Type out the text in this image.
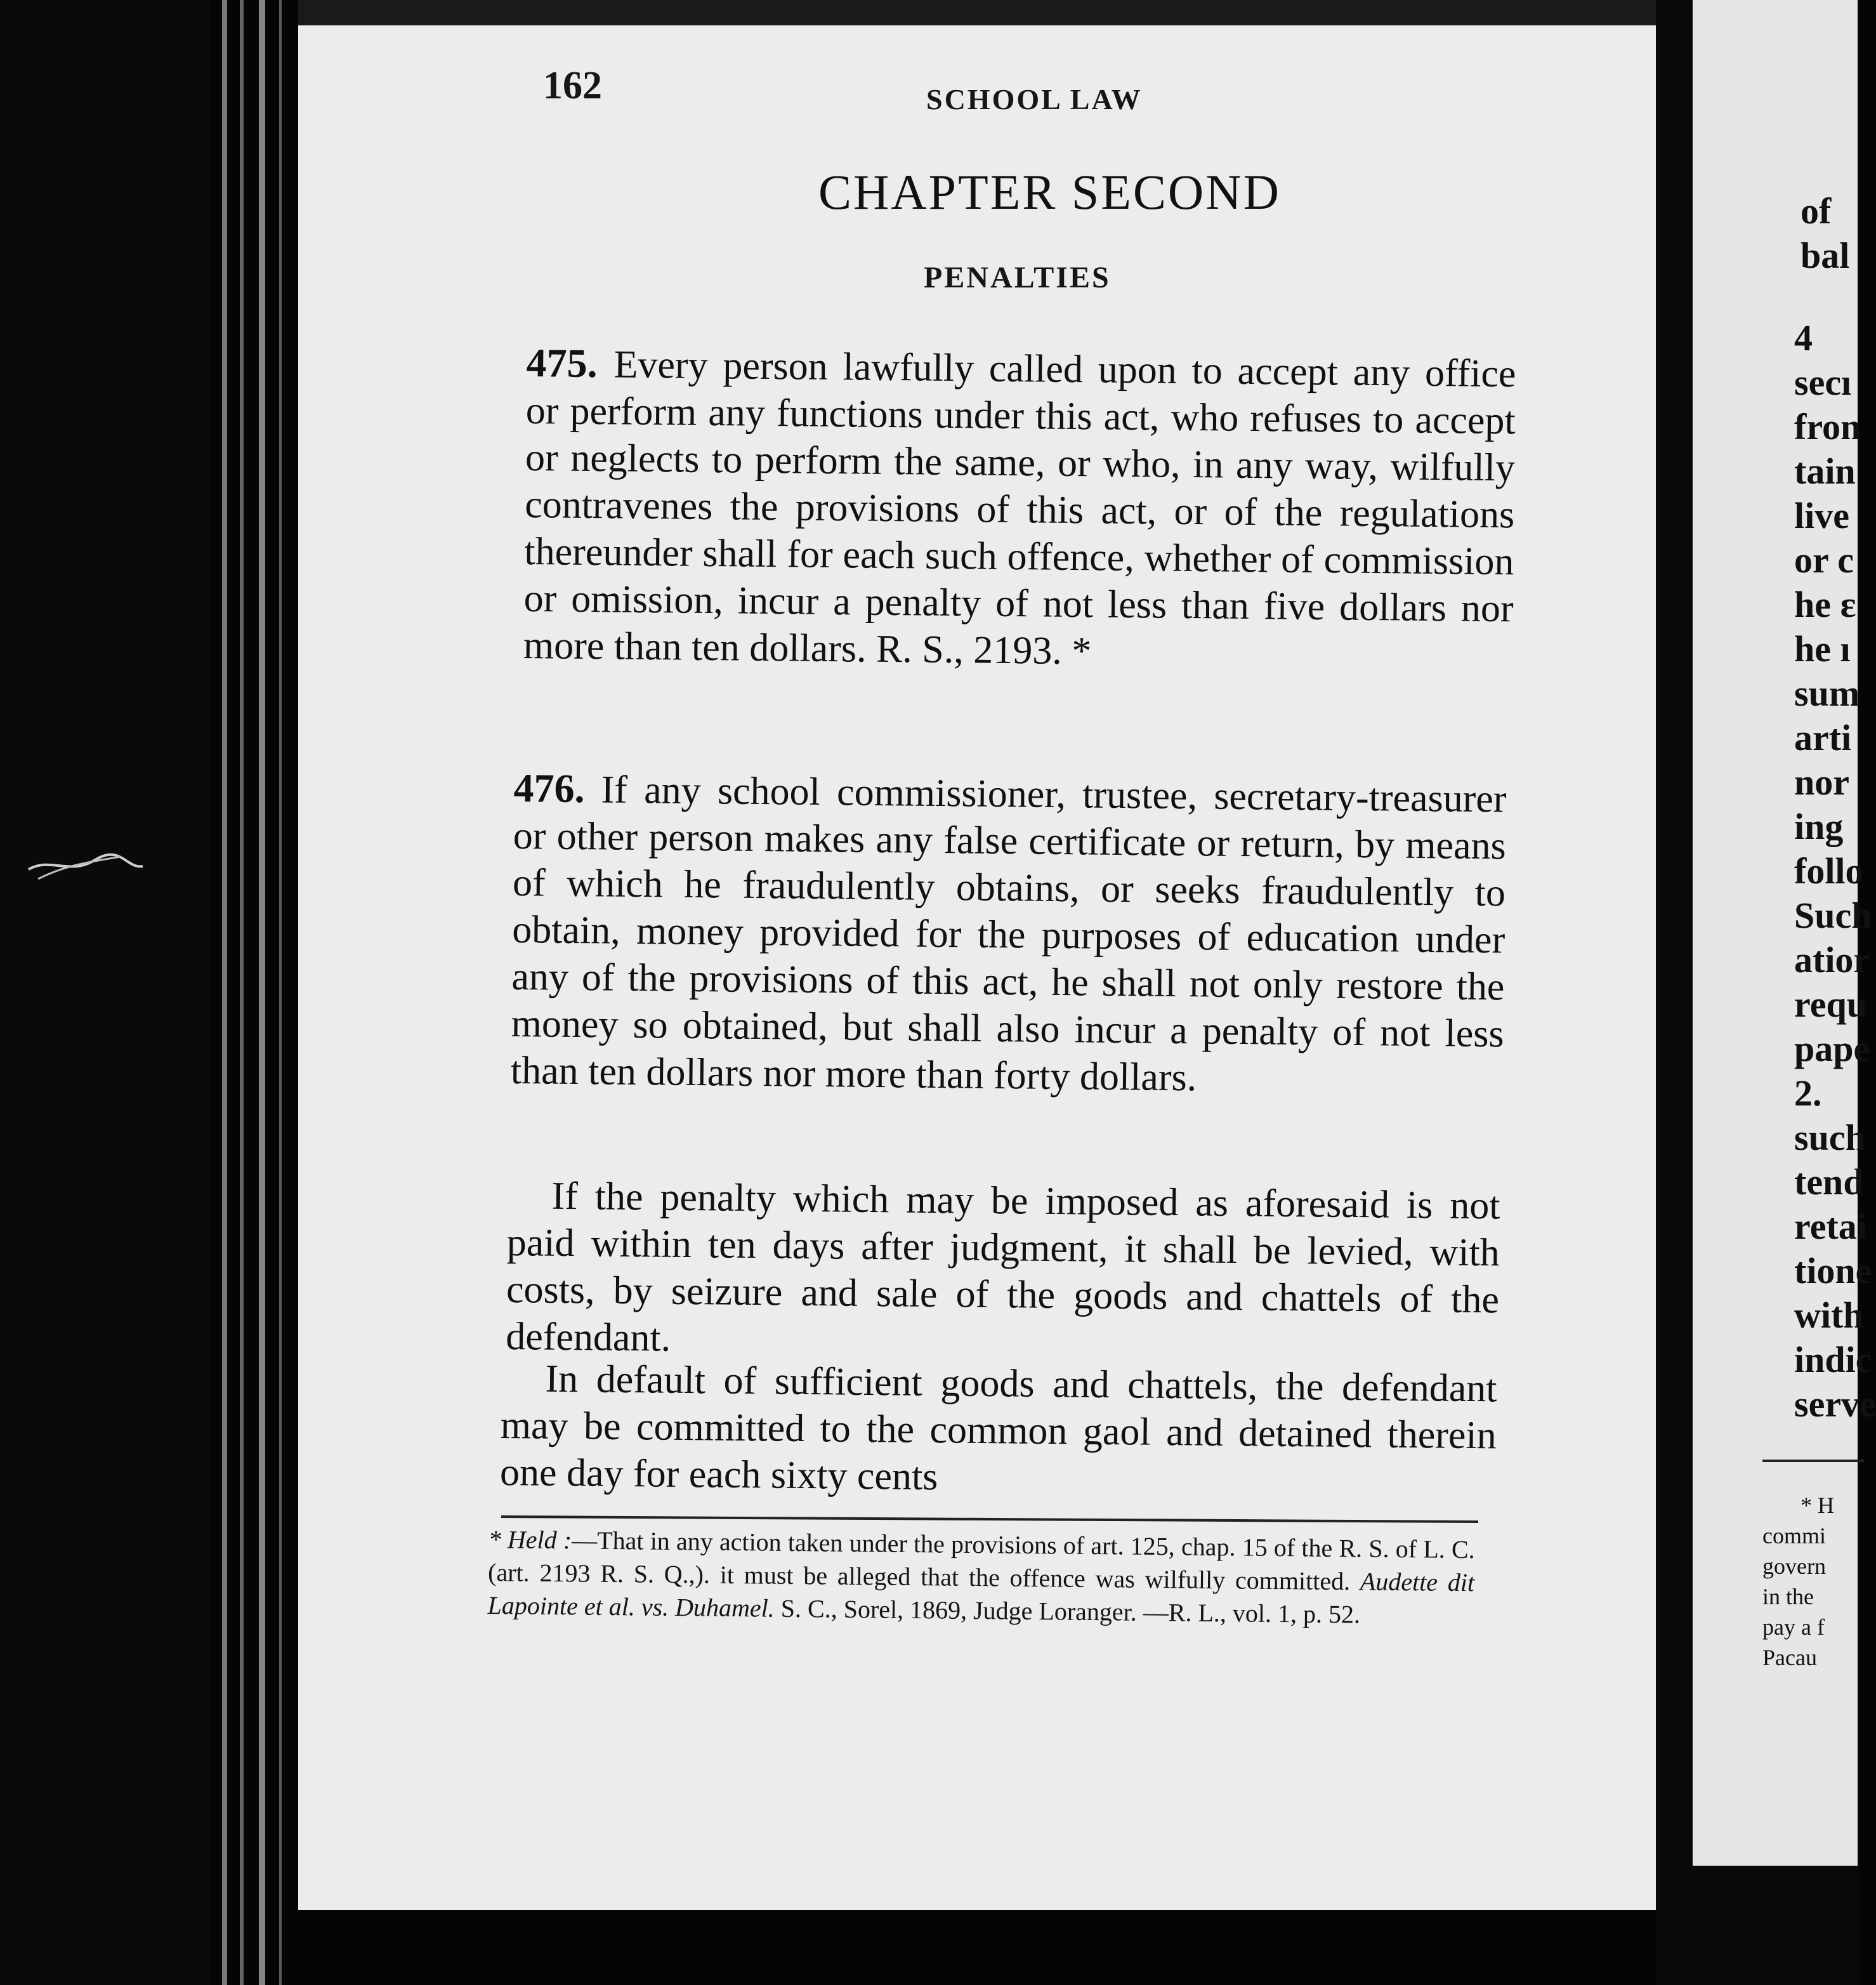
162	SCHOOL LAW
CHAPTER SECOND
PENALTIES

475. Every person lawfully called upon to accept any office or perform any functions under this act, who refuses to accept or neglects to perform the same, or who, in any way, wilfully contravenes the provisions of this act, or of the regulations thereunder shall for each such offence, whether of commission or omission, incur a penalty of not less than five dollars nor more than ten dollars. R. S., 2193. *

476. If any school commissioner, trustee, secretary-treasurer or other person makes any false certificate or return, by means of which he fraudulently obtains, or seeks fraudulently to obtain, money provided for the purposes of education under any of the provisions of this act, he shall not only restore the money so obtained, but shall also incur a penalty of not less than ten dollars nor more than forty dollars.

If the penalty which may be imposed as aforesaid is not paid within ten days after judgment, it shall be levied, with costs, by seizure and sale of the goods and chattels of the defendant.

In default of sufficient goods and chattels, the defendant may be committed to the common gaol and detained therein one day for each sixty cents

* Held :—That in any action taken under the provisions of art. 125, chap. 15 of the R. S. of L. C. (art. 2193 R. S. Q.,). it must be alleged that the offence was wilfully committed. Audette dit Lapointe et al. vs. Duhamel. S. C., Sorel, 1869, Judge Loranger. —R. L., vol. 1, p. 52.

of
bal
4
secı
fron
tain
live
or c
he ɛ
he ı
sum
arti
nor
ing
follo
Such
atior
requ
pape
2.
such
tend
retai
tione
with
indic
serve
* H
commi
govern
in the
pay a f
Pacau
